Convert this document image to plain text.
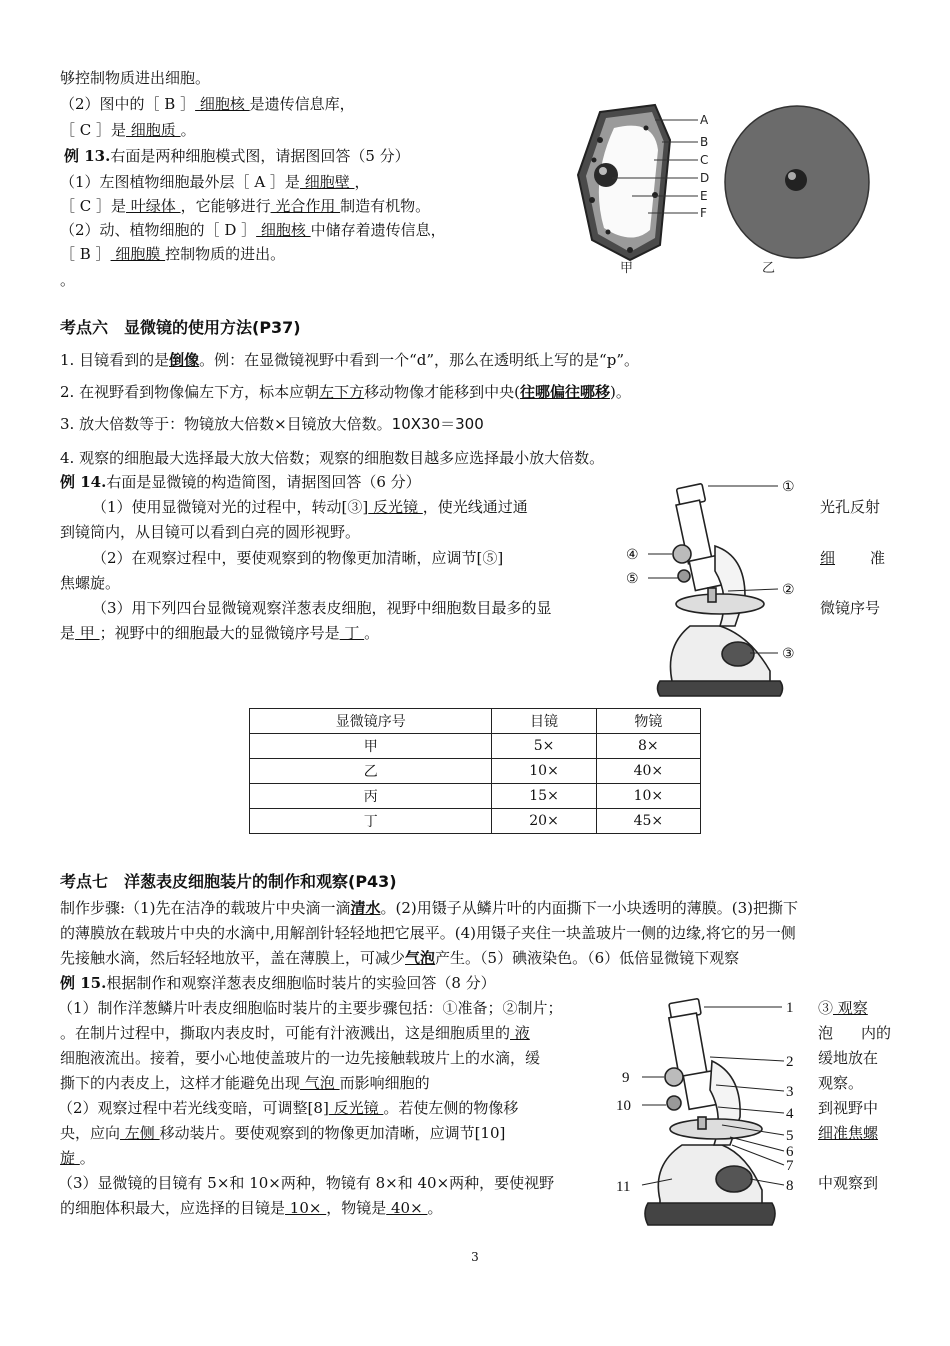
够控制物质进出细胞。
（2）图中的［ B ］ 细胞核 是遗传信息库，
［ C ］是 细胞质 。
例 13.右面是两种细胞模式图，请据图回答（5 分）
（1）左图植物细胞最外层［ A ］是 细胞壁 ，
［ C ］是 叶绿体 ，它能够进行 光合作用 制造有机物。
（2）动、植物细胞的［ D ］ 细胞核 中储存着遗传信息，
［ B ］ 细胞膜 控制物质的进出。
。
A
B
C
D
E
F
甲	乙
考点六　显微镜的使用方法(P37)
1. 目镜看到的是倒像。例：在显微镜视野中看到一个“d”，那么在透明纸上写的是“p”。
2. 在视野看到物像偏左下方，标本应朝左下方移动物像才能移到中央(往哪偏往哪移)。
3. 放大倍数等于：物镜放大倍数×目镜放大倍数。10X30＝300
4. 观察的细胞最大选择最大放大倍数；观察的细胞数目越多应选择最小放大倍数。
例 14.右面是显微镜的构造简图，请据图回答（6 分）
（1）使用显微镜对光的过程中，转动[③] 反光镜 ，使光线通过通	光孔反射
到镜筒内，从目镜可以看到白亮的圆形视野。
（2）在观察过程中，要使观察到的物像更加清晰，应调节[⑤]	细 准
焦螺旋。
（3）用下列四台显微镜观察洋葱表皮细胞，视野中细胞数目最多的显	微镜序号
是 甲 ；视野中的细胞最大的显微镜序号是 丁 。
①
②
③
④
⑤
显微镜序号	目镜	物镜
甲	5×	8×
乙	10×	40×
丙	15×	10×
丁	20×	45×
考点七　洋葱表皮细胞装片的制作和观察(P43)
制作步骤:（1)先在洁净的载玻片中央滴一滴清水。(2)用镊子从鳞片叶的内面撕下一小块透明的薄膜。(3)把撕下
的薄膜放在载玻片中央的水滴中,用解剖针轻轻地把它展平。(4)用镊子夹住一块盖玻片一侧的边缘,将它的另一侧
先接触水滴，然后轻轻地放平，盖在薄膜上，可减少气泡产生。（5）碘液染色。（6）低倍显微镜下观察
例 15.根据制作和观察洋葱表皮细胞临时装片的实验回答（8 分）
（1）制作洋葱鳞片叶表皮细胞临时装片的主要步骤包括：①准备；②制片；
。在制片过程中，撕取内表皮时，可能有汁液溅出，这是细胞质里的 液
细胞液流出。接着，要小心地使盖玻片的一边先接触载玻片上的水滴，缓
撕下的内表皮上，这样才能避免出现 气泡 而影响细胞的
（2）观察过程中若光线变暗，可调整[8] 反光镜 。若使左侧的物像移
央，应向 左侧 移动装片。要使观察到的物像更加清晰，应调节[10]
旋 。
（3）显微镜的目镜有 5×和 10×两种，物镜有 8×和 40×两种，要使视野
的细胞体积最大，应选择的目镜是 10× ，物镜是 40× 。
③ 观察
泡 内的
缓地放在
观察。
到视野中
细准焦螺
中观察到
1
2
3
4
5
6
7
8
9
10
11
3
